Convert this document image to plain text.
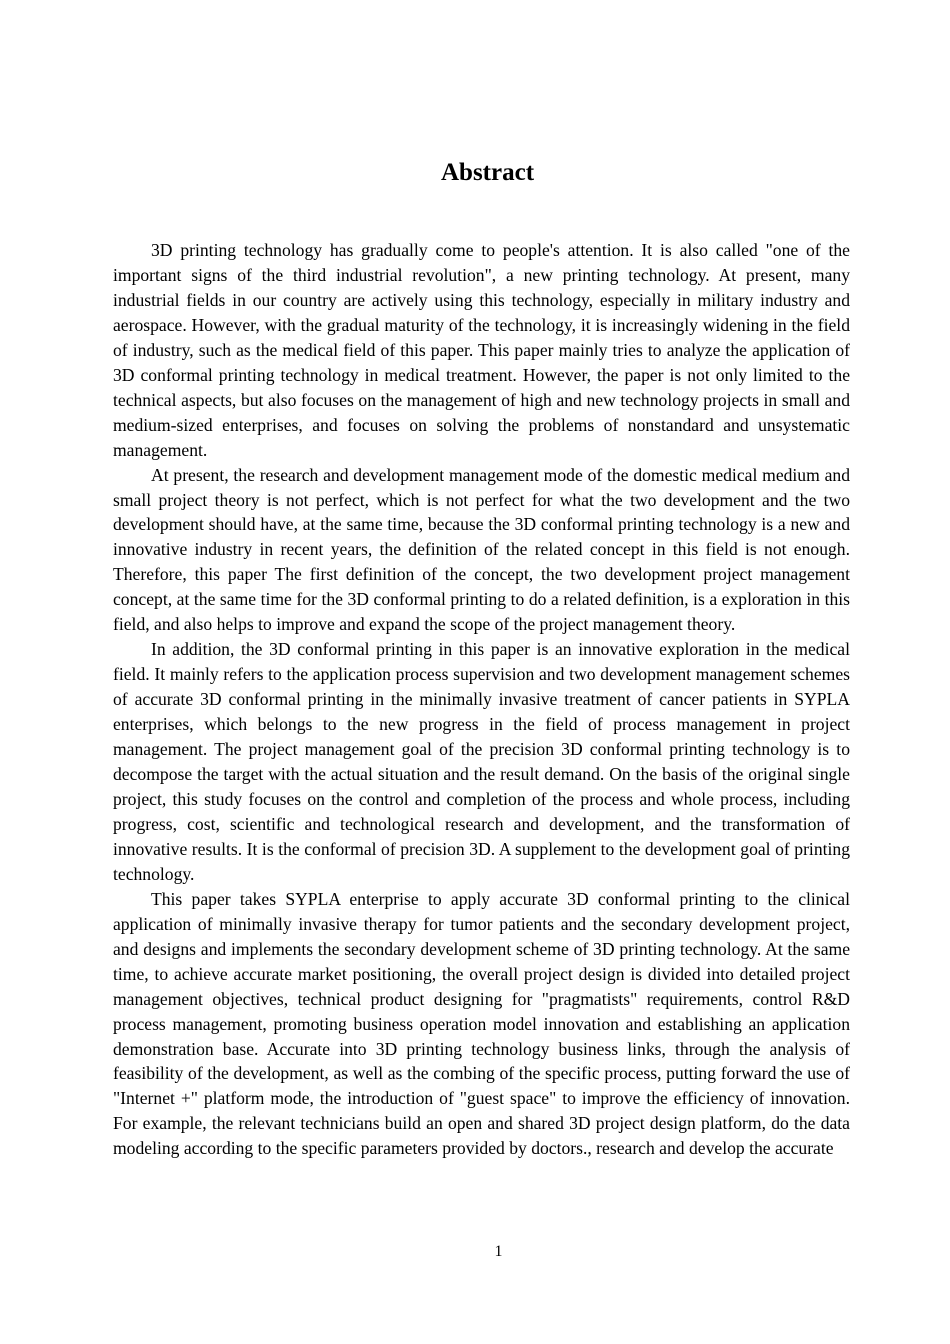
Abstract

3D printing technology has gradually come to people's attention. It is also called "one of the important signs of the third industrial revolution", a new printing technology. At present, many industrial fields in our country are actively using this technology, especially in military industry and aerospace. However, with the gradual maturity of the technology, it is increasingly widening in the field of industry, such as the medical field of this paper. This paper mainly tries to analyze the application of 3D conformal printing technology in medical treatment. However, the paper is not only limited to the technical aspects, but also focuses on the management of high and new technology projects in small and medium-sized enterprises, and focuses on solving the problems of nonstandard and unsystematic management.

At present, the research and development management mode of the domestic medical medium and small project theory is not perfect, which is not perfect for what the two development and the two development should have, at the same time, because the 3D conformal printing technology is a new and innovative industry in recent years, the definition of the related concept in this field is not enough. Therefore, this paper The first definition of the concept, the two development project management concept, at the same time for the 3D conformal printing to do a related definition, is a exploration in this field, and also helps to improve and expand the scope of the project management theory.

In addition, the 3D conformal printing in this paper is an innovative exploration in the medical field. It mainly refers to the application process supervision and two development management schemes of accurate 3D conformal printing in the minimally invasive treatment of cancer patients in SYPLA enterprises, which belongs to the new progress in the field of process management in project management. The project management goal of the precision 3D conformal printing technology is to decompose the target with the actual situation and the result demand. On the basis of the original single project, this study focuses on the control and completion of the process and whole process, including progress, cost, scientific and technological research and development, and the transformation of innovative results. It is the conformal of precision 3D. A supplement to the development goal of printing technology.

This paper takes SYPLA enterprise to apply accurate 3D conformal printing to the clinical application of minimally invasive therapy for tumor patients and the secondary development project, and designs and implements the secondary development scheme of 3D printing technology. At the same time, to achieve accurate market positioning, the overall project design is divided into detailed project management objectives, technical product designing for "pragmatists" requirements, control R&D process management, promoting business operation model innovation and establishing an application demonstration base. Accurate into 3D printing technology business links, through the analysis of feasibility of the development, as well as the combing of the specific process, putting forward the use of "Internet +" platform mode, the introduction of "guest space" to improve the efficiency of innovation. For example, the relevant technicians build an open and shared 3D project design platform, do the data modeling according to the specific parameters provided by doctors., research and develop the accurate

1
